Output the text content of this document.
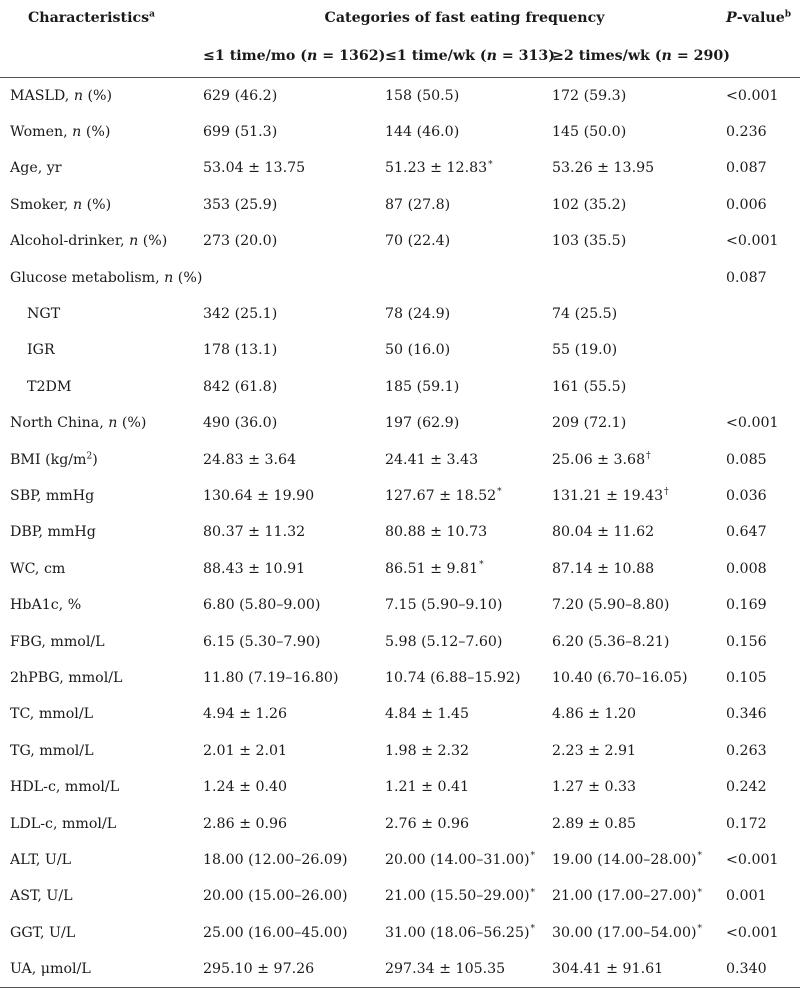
Characteristics$^a$	Categories of fast eating frequency			P-value$^b$
	≤1 time/mo (n = 1362)	≤1 time/wk (n = 313)	≥2 times/wk (n = 290)	
MASLD, n (%)	629 (46.2)	158 (50.5)	172 (59.3)	<0.001
Women, n (%)	699 (51.3)	144 (46.0)	145 (50.0)	0.236
Age, yr	53.04 ± 13.75	51.23 ± 12.83*	53.26 ± 13.95	0.087
Smoker, n (%)	353 (25.9)	87 (27.8)	102 (35.2)	0.006
Alcohol-drinker, n (%)	273 (20.0)	70 (22.4)	103 (35.5)	<0.001
Glucose metabolism, n (%)				0.087
NGT	342 (25.1)	78 (24.9)	74 (25.5)	
IGR	178 (13.1)	50 (16.0)	55 (19.0)	
T2DM	842 (61.8)	185 (59.1)	161 (55.5)	
North China, n (%)	490 (36.0)	197 (62.9)	209 (72.1)	<0.001
BMI $(kg/m^2)$	24.83 ± 3.64	24.41 ± 3.43	25.06 ± 3.68†	0.085
SBP, mmHg	130.64 ± 19.90	127.67 ± 18.52*	131.21 ± 19.43†	0.036
DBP, mmHg	80.37 ± 11.32	80.88 ± 10.73	80.04 ± 11.62	0.647
WC, cm	88.43 ± 10.91	86.51 ± 9.81*	87.14 ± 10.88	0.008
HbA1c, %	6.80 (5.80–9.00)	7.15 (5.90–9.10)	7.20 (5.90–8.80)	0.169
FBG, mmol/L	6.15 (5.30–7.90)	5.98 (5.12–7.60)	6.20 (5.36–8.21)	0.156
2hPBG, mmol/L	11.80 (7.19–16.80)	10.74 (6.88–15.92)	10.40 (6.70–16.05)	0.105
TC, mmol/L	4.94 ± 1.26	4.84 ± 1.45	4.86 ± 1.20	0.346
TG, mmol/L	2.01 ± 2.01	1.98 ± 2.32	2.23 ± 2.91	0.263
HDL-c, mmol/L	1.24 ± 0.40	1.21 ± 0.41	1.27 ± 0.33	0.242
LDL-c, mmol/L	2.86 ± 0.96	2.76 ± 0.96	2.89 ± 0.85	0.172
ALT, U/L	18.00 (12.00–26.09)	20.00 (14.00–31.00)*	19.00 (14.00–28.00)*	<0.001
AST, U/L	20.00 (15.00–26.00)	21.00 (15.50–29.00)*	21.00 (17.00–27.00)*	0.001
GGT, U/L	25.00 (16.00–45.00)	31.00 (18.06–56.25)*	30.00 (17.00–54.00)*	<0.001
UA, μmol/L	295.10 ± 97.26	297.34 ± 105.35	304.41 ± 91.61	0.340
